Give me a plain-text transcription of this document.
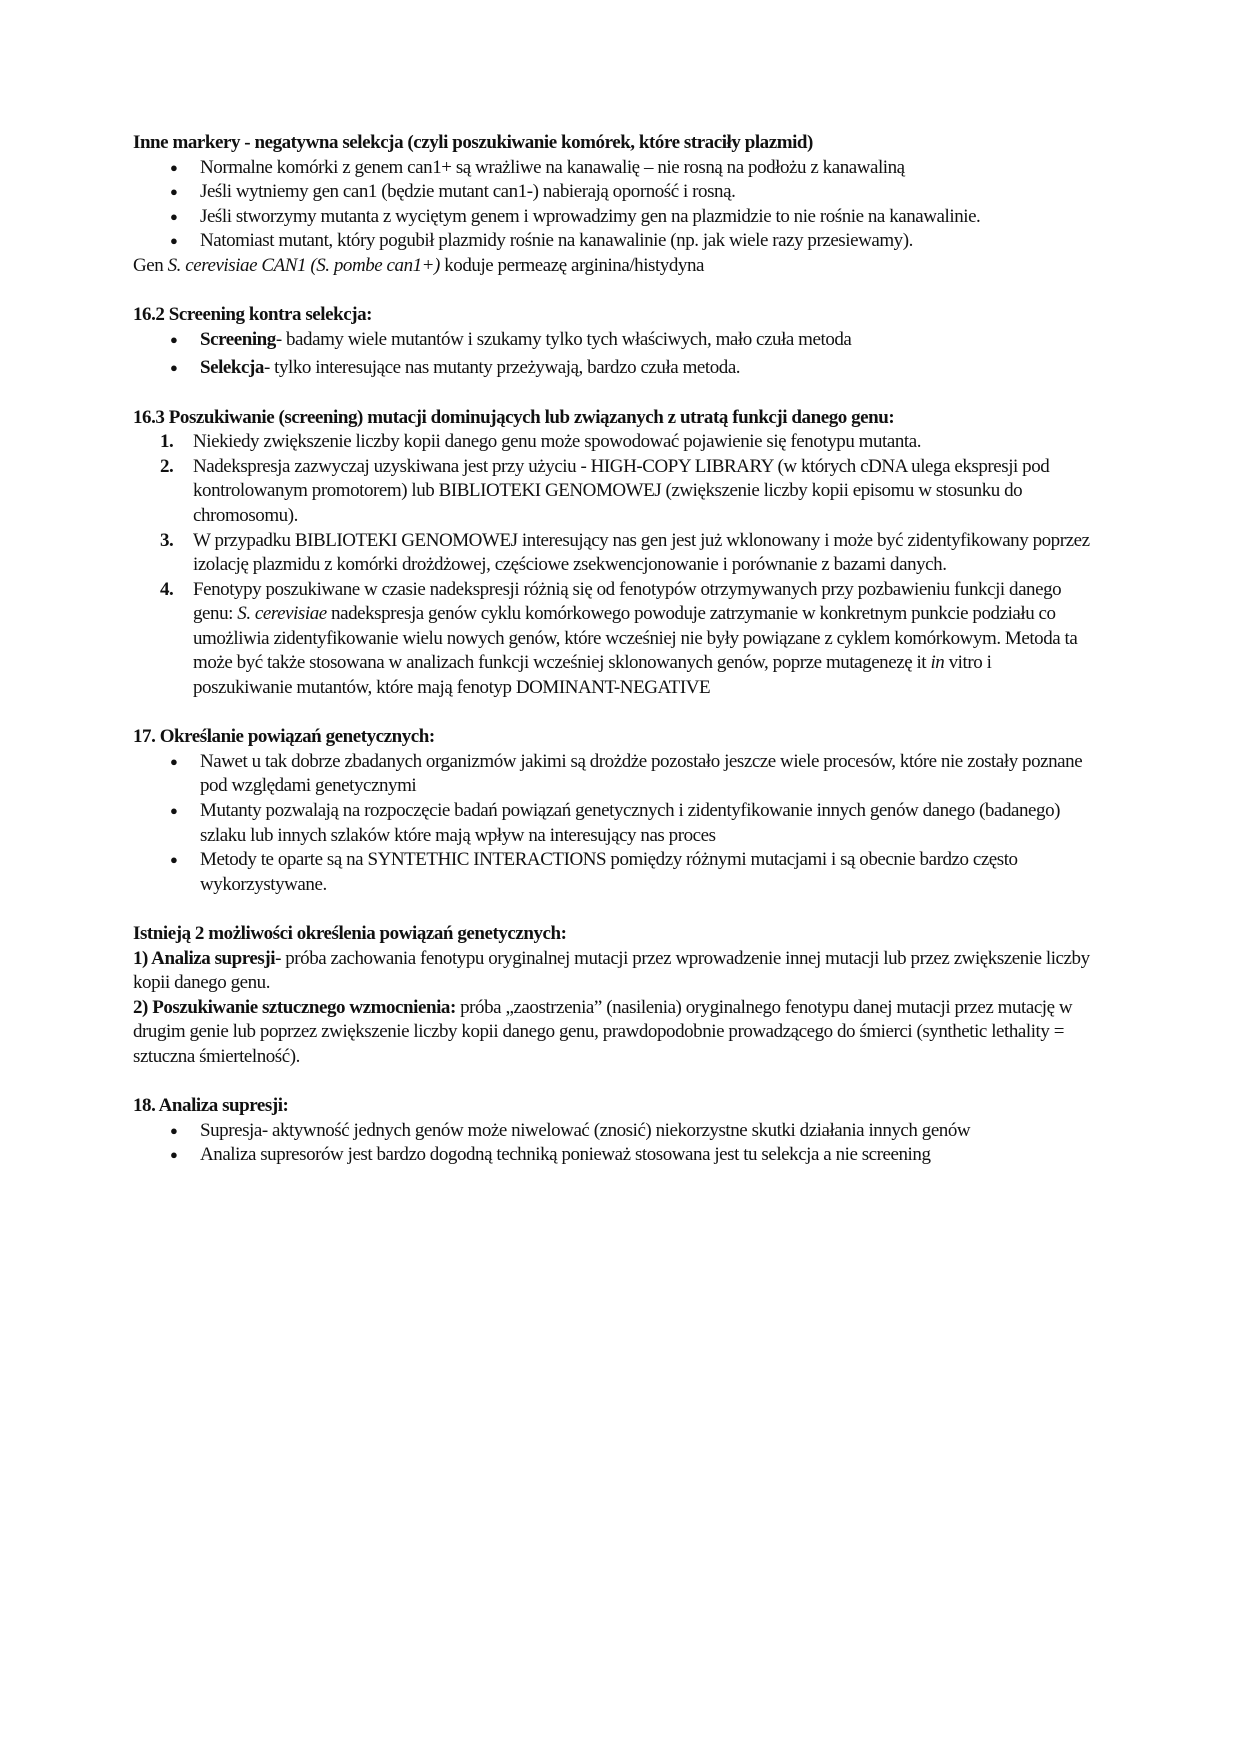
Inne markery - negatywna selekcja (czyli poszukiwanie komórek, które straciły plazmid)

● Normalne komórki z genem can1+ są wrażliwe na kanawalię – nie rosną na podłożu z kanawaliną
● Jeśli wytniemy gen can1 (będzie mutant can1-) nabierają oporność i rosną.
● Jeśli stworzymy mutanta z wyciętym genem i wprowadzimy gen na plazmidzie to nie rośnie na kanawalinie.
● Natomiast mutant, który pogubił plazmidy rośnie na kanawalinie (np. jak wiele razy przesiewamy).

Gen S. cerevisiae CAN1 (S. pombe can1+) koduje permeazę arginina/histydyna

16.2 Screening kontra selekcja:

● Screening- badamy wiele mutantów i szukamy tylko tych właściwych, mało czuła metoda
● Selekcja- tylko interesujące nas mutanty przeżywają, bardzo czuła metoda.

16.3 Poszukiwanie (screening) mutacji dominujących lub związanych z utratą funkcji danego genu:

1. Niekiedy zwiększenie liczby kopii danego genu może spowodować pojawienie się fenotypu mutanta.
2. Nadekspresja zazwyczaj uzyskiwana jest przy użyciu - HIGH-COPY LIBRARY (w których cDNA ulega ekspresji pod kontrolowanym promotorem) lub BIBLIOTEKI GENOMOWEJ (zwiększenie liczby kopii episomu w stosunku do chromosomu).
3. W przypadku BIBLIOTEKI GENOMOWEJ interesujący nas gen jest już wklonowany i może być zidentyfikowany poprzez izolację plazmidu z komórki drożdżowej, częściowe zsekwencjonowanie i porównanie z bazami danych.
4. Fenotypy poszukiwane w czasie nadekspresji różnią się od fenotypów otrzymywanych przy pozbawieniu funkcji danego genu: S. cerevisiae nadekspresja genów cyklu komórkowego powoduje zatrzymanie w konkretnym punkcie podziału co umożliwia zidentyfikowanie wielu nowych genów, które wcześniej nie były powiązane z cyklem komórkowym. Metoda ta może być także stosowana w analizach funkcji wcześniej sklonowanych genów, poprze mutagenezę it in vitro i poszukiwanie mutantów, które mają fenotyp DOMINANT-NEGATIVE

17. Określanie powiązań genetycznych:

● Nawet u tak dobrze zbadanych organizmów jakimi są drożdże pozostało jeszcze wiele procesów, które nie zostały poznane pod względami genetycznymi
● Mutanty pozwalają na rozpoczęcie badań powiązań genetycznych i zidentyfikowanie innych genów danego (badanego) szlaku lub innych szlaków które mają wpływ na interesujący nas proces
● Metody te oparte są na SYNTETHIC INTERACTIONS pomiędzy różnymi mutacjami i są obecnie bardzo często wykorzystywane.

Istnieją 2 możliwości określenia powiązań genetycznych:

1) Analiza supresji- próba zachowania fenotypu oryginalnej mutacji przez wprowadzenie innej mutacji lub przez zwiększenie liczby kopii danego genu.

2) Poszukiwanie sztucznego wzmocnienia: próba „zaostrzenia” (nasilenia) oryginalnego fenotypu danej mutacji przez mutację w drugim genie lub poprzez zwiększenie liczby kopii danego genu, prawdopodobnie prowadzącego do śmierci (synthetic lethality = sztuczna śmiertelność).

18. Analiza supresji:

● Supresja- aktywność jednych genów może niwelować (znosić) niekorzystne skutki działania innych genów
● Analiza supresorów jest bardzo dogodną techniką ponieważ stosowana jest tu selekcja a nie screening
